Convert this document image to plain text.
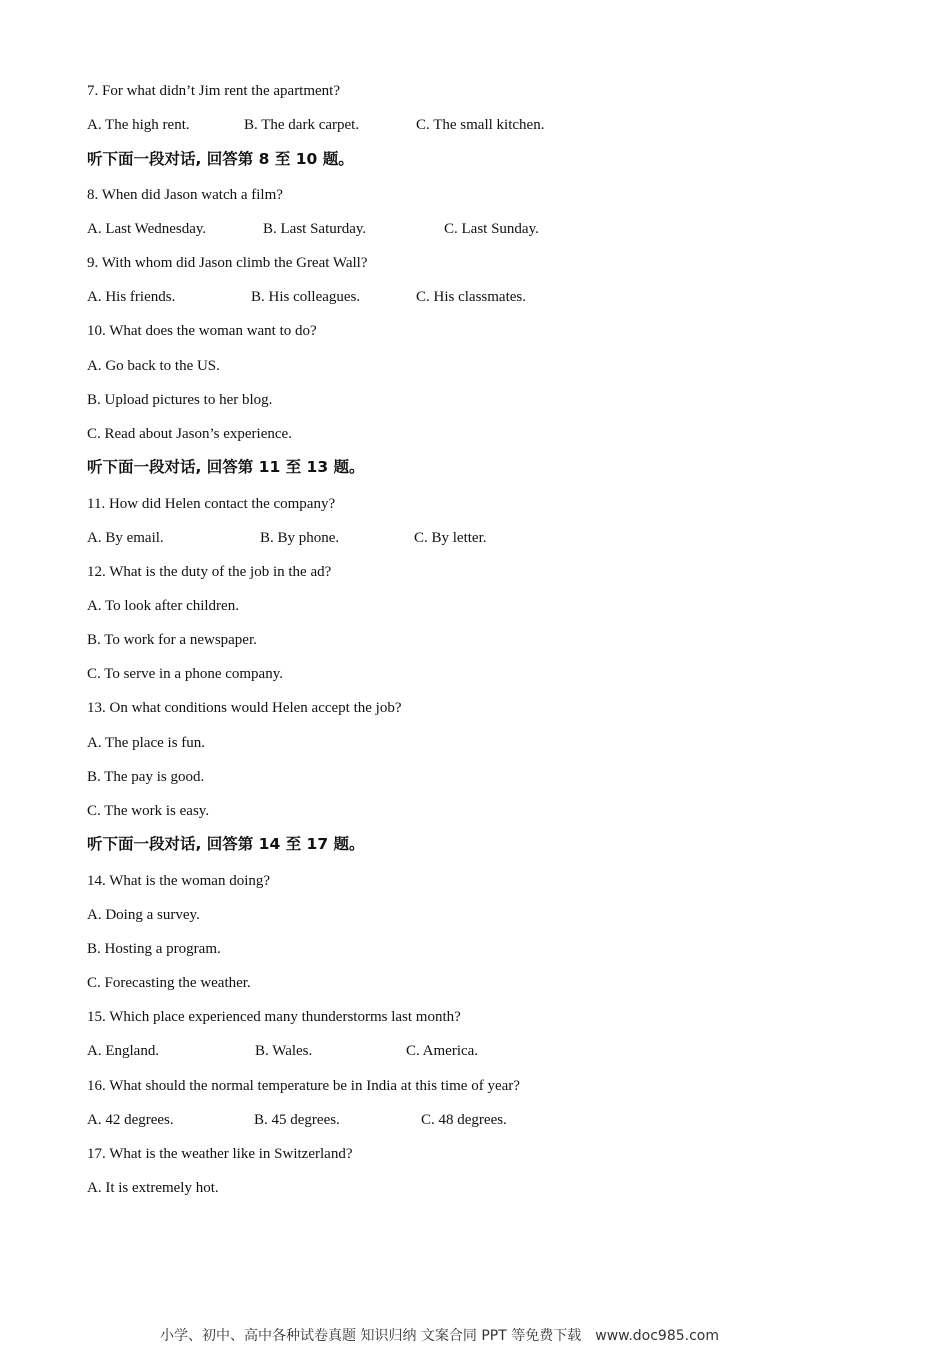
7. For what didn’t Jim rent the apartment?
A. The high rent.	B. The dark carpet.	C. The small kitchen.
听下面一段对话, 回答第 8 至 10 题。
8. When did Jason watch a film?
A. Last Wednesday.	B. Last Saturday.	C. Last Sunday.
9. With whom did Jason climb the Great Wall?
A. His friends.	B. His colleagues.	C. His classmates.
10. What does the woman want to do?
A. Go back to the US.
B. Upload pictures to her blog.
C. Read about Jason’s experience.
听下面一段对话, 回答第 11 至 13 题。
11. How did Helen contact the company?
A. By email.	B. By phone.	C. By letter.
12. What is the duty of the job in the ad?
A. To look after children.
B. To work for a newspaper.
C. To serve in a phone company.
13. On what conditions would Helen accept the job?
A. The place is fun.
B. The pay is good.
C. The work is easy.
听下面一段对话, 回答第 14 至 17 题。
14. What is the woman doing?
A. Doing a survey.
B. Hosting a program.
C. Forecasting the weather.
15. Which place experienced many thunderstorms last month?
A. England.	B. Wales.	C. America.
16. What should the normal temperature be in India at this time of year?
A. 42 degrees.	B. 45 degrees.	C. 48 degrees.
17. What is the weather like in Switzerland?
A. It is extremely hot.
小学、初中、高中各种试卷真题 知识归纳 文案合同 PPT 等免费下载 www.doc985.com
